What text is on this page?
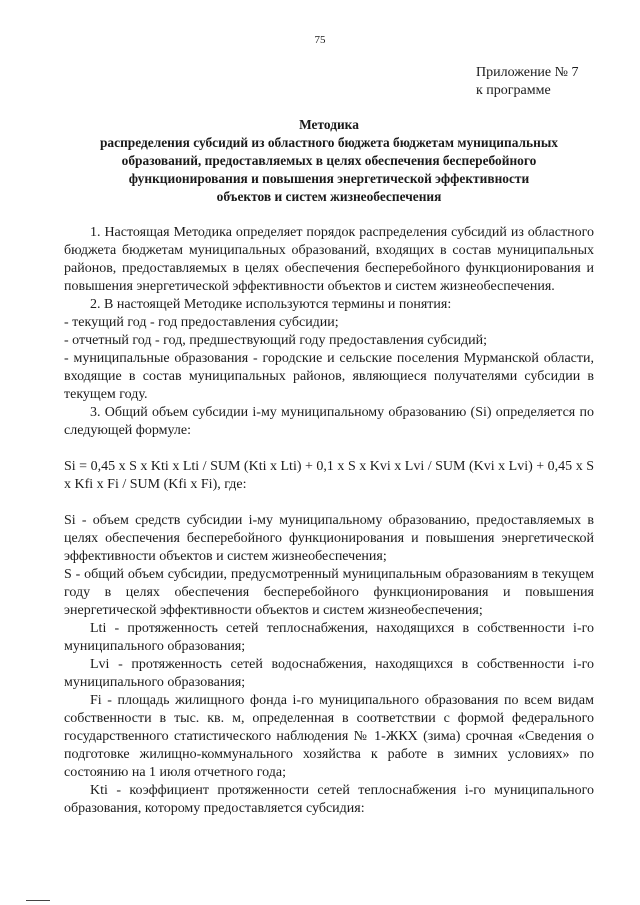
75
Приложение № 7
к программе
Методика
распределения субсидий из областного бюджета бюджетам муниципальных
образований, предоставляемых в целях обеспечения бесперебойного
функционирования и повышения энергетической эффективности
объектов и систем жизнеобеспечения

1. Настоящая Методика определяет порядок распределения субсидий из областного бюджета бюджетам муниципальных образований, входящих в состав муниципальных районов, предоставляемых в целях обеспечения бесперебойного функционирования и повышения энергетической эффективности объектов и систем жизнеобеспечения.

2. В настоящей Методике используются термины и понятия:

- текущий год - год предоставления субсидии;

- отчетный год - год, предшествующий году предоставления субсидий;

- муниципальные образования - городские и сельские поселения Мурманской области, входящие в состав муниципальных районов, являющиеся получателями субсидии в текущем году.

3. Общий объем субсидии i-му муниципальному образованию (Si) определяется по следующей формуле:

Si = 0,45 x S x Kti x Lti / SUM (Kti x Lti) + 0,1 x S x Kvi x Lvi / SUM (Kvi x Lvi) + 0,45 x S x Kfi x Fi / SUM (Kfi x Fi), где:

Si - объем средств субсидии i-му муниципальному образованию, предоставляемых в целях обеспечения бесперебойного функционирования и повышения энергетической эффективности объектов и систем жизнеобеспечения;

S - общий объем субсидии, предусмотренный муниципальным образованиям в текущем году в целях обеспечения бесперебойного функционирования и повышения энергетической эффективности объектов и систем жизнеобеспечения;

Lti - протяженность сетей теплоснабжения, находящихся в собственности i-го муниципального образования;

Lvi - протяженность сетей водоснабжения, находящихся в собственности i-го муниципального образования;

Fi - площадь жилищного фонда i-го муниципального образования по всем видам собственности в тыс. кв. м, определенная в соответствии с формой федерального государственного статистического наблюдения № 1-ЖКХ (зима) срочная «Сведения о подготовке жилищно-коммунального хозяйства к работе в зимних условиях» по состоянию на 1 июля отчетного года;

Kti - коэффициент протяженности сетей теплоснабжения i-го муниципального образования, которому предоставляется субсидия:
